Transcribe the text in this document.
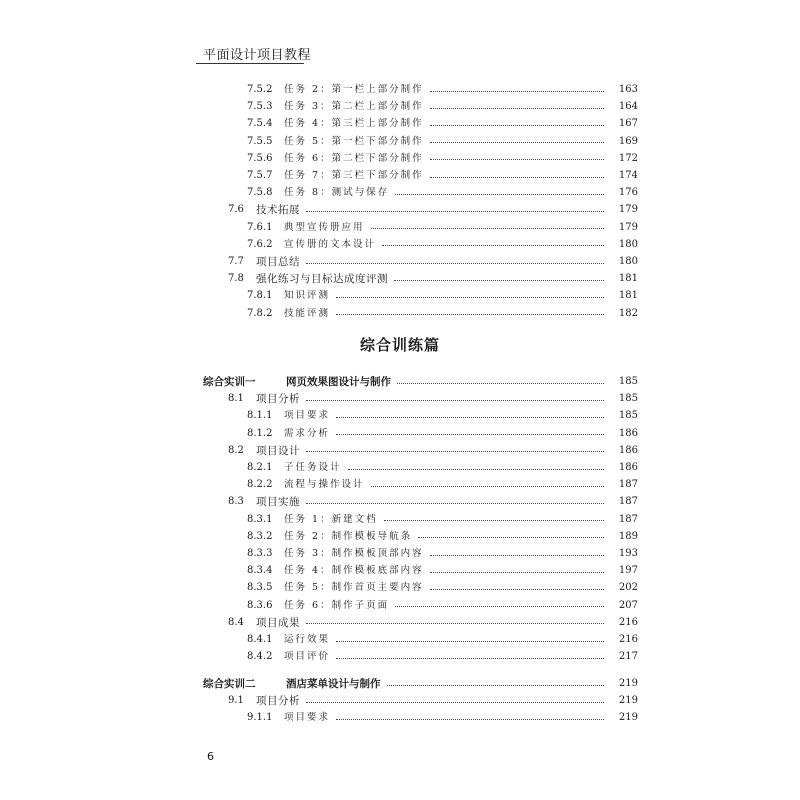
平面设计项目教程
7.5.2 任务 2：第一栏上部分制作	163
7.5.3 任务 3：第二栏上部分制作	164
7.5.4 任务 4：第三栏上部分制作	167
7.5.5 任务 5：第一栏下部分制作	169
7.5.6 任务 6：第二栏下部分制作	172
7.5.7 任务 7：第三栏下部分制作	174
7.5.8 任务 8：测试与保存	176
7.6 技术拓展	179
7.6.1 典型宣传册应用	179
7.6.2 宣传册的文本设计	180
7.7 项目总结	180
7.8 强化练习与目标达成度评测	181
7.8.1 知识评测	181
7.8.2 技能评测	182
综合实训一	网页效果图设计与制作	185
8.1 项目分析	185
8.1.1 项目要求	185
8.1.2 需求分析	186
8.2 项目设计	186
8.2.1 子任务设计	186
8.2.2 流程与操作设计	187
8.3 项目实施	187
8.3.1 任务 1：新建文档	187
8.3.2 任务 2：制作模板导航条	189
8.3.3 任务 3：制作模板顶部内容	193
8.3.4 任务 4：制作模板底部内容	197
8.3.5 任务 5：制作首页主要内容	202
8.3.6 任务 6：制作子页面	207
8.4 项目成果	216
8.4.1 运行效果	216
8.4.2 项目评价	217
综合实训二	酒店菜单设计与制作	219
9.1 项目分析	219
9.1.1 项目要求	219
综合训练篇
6
